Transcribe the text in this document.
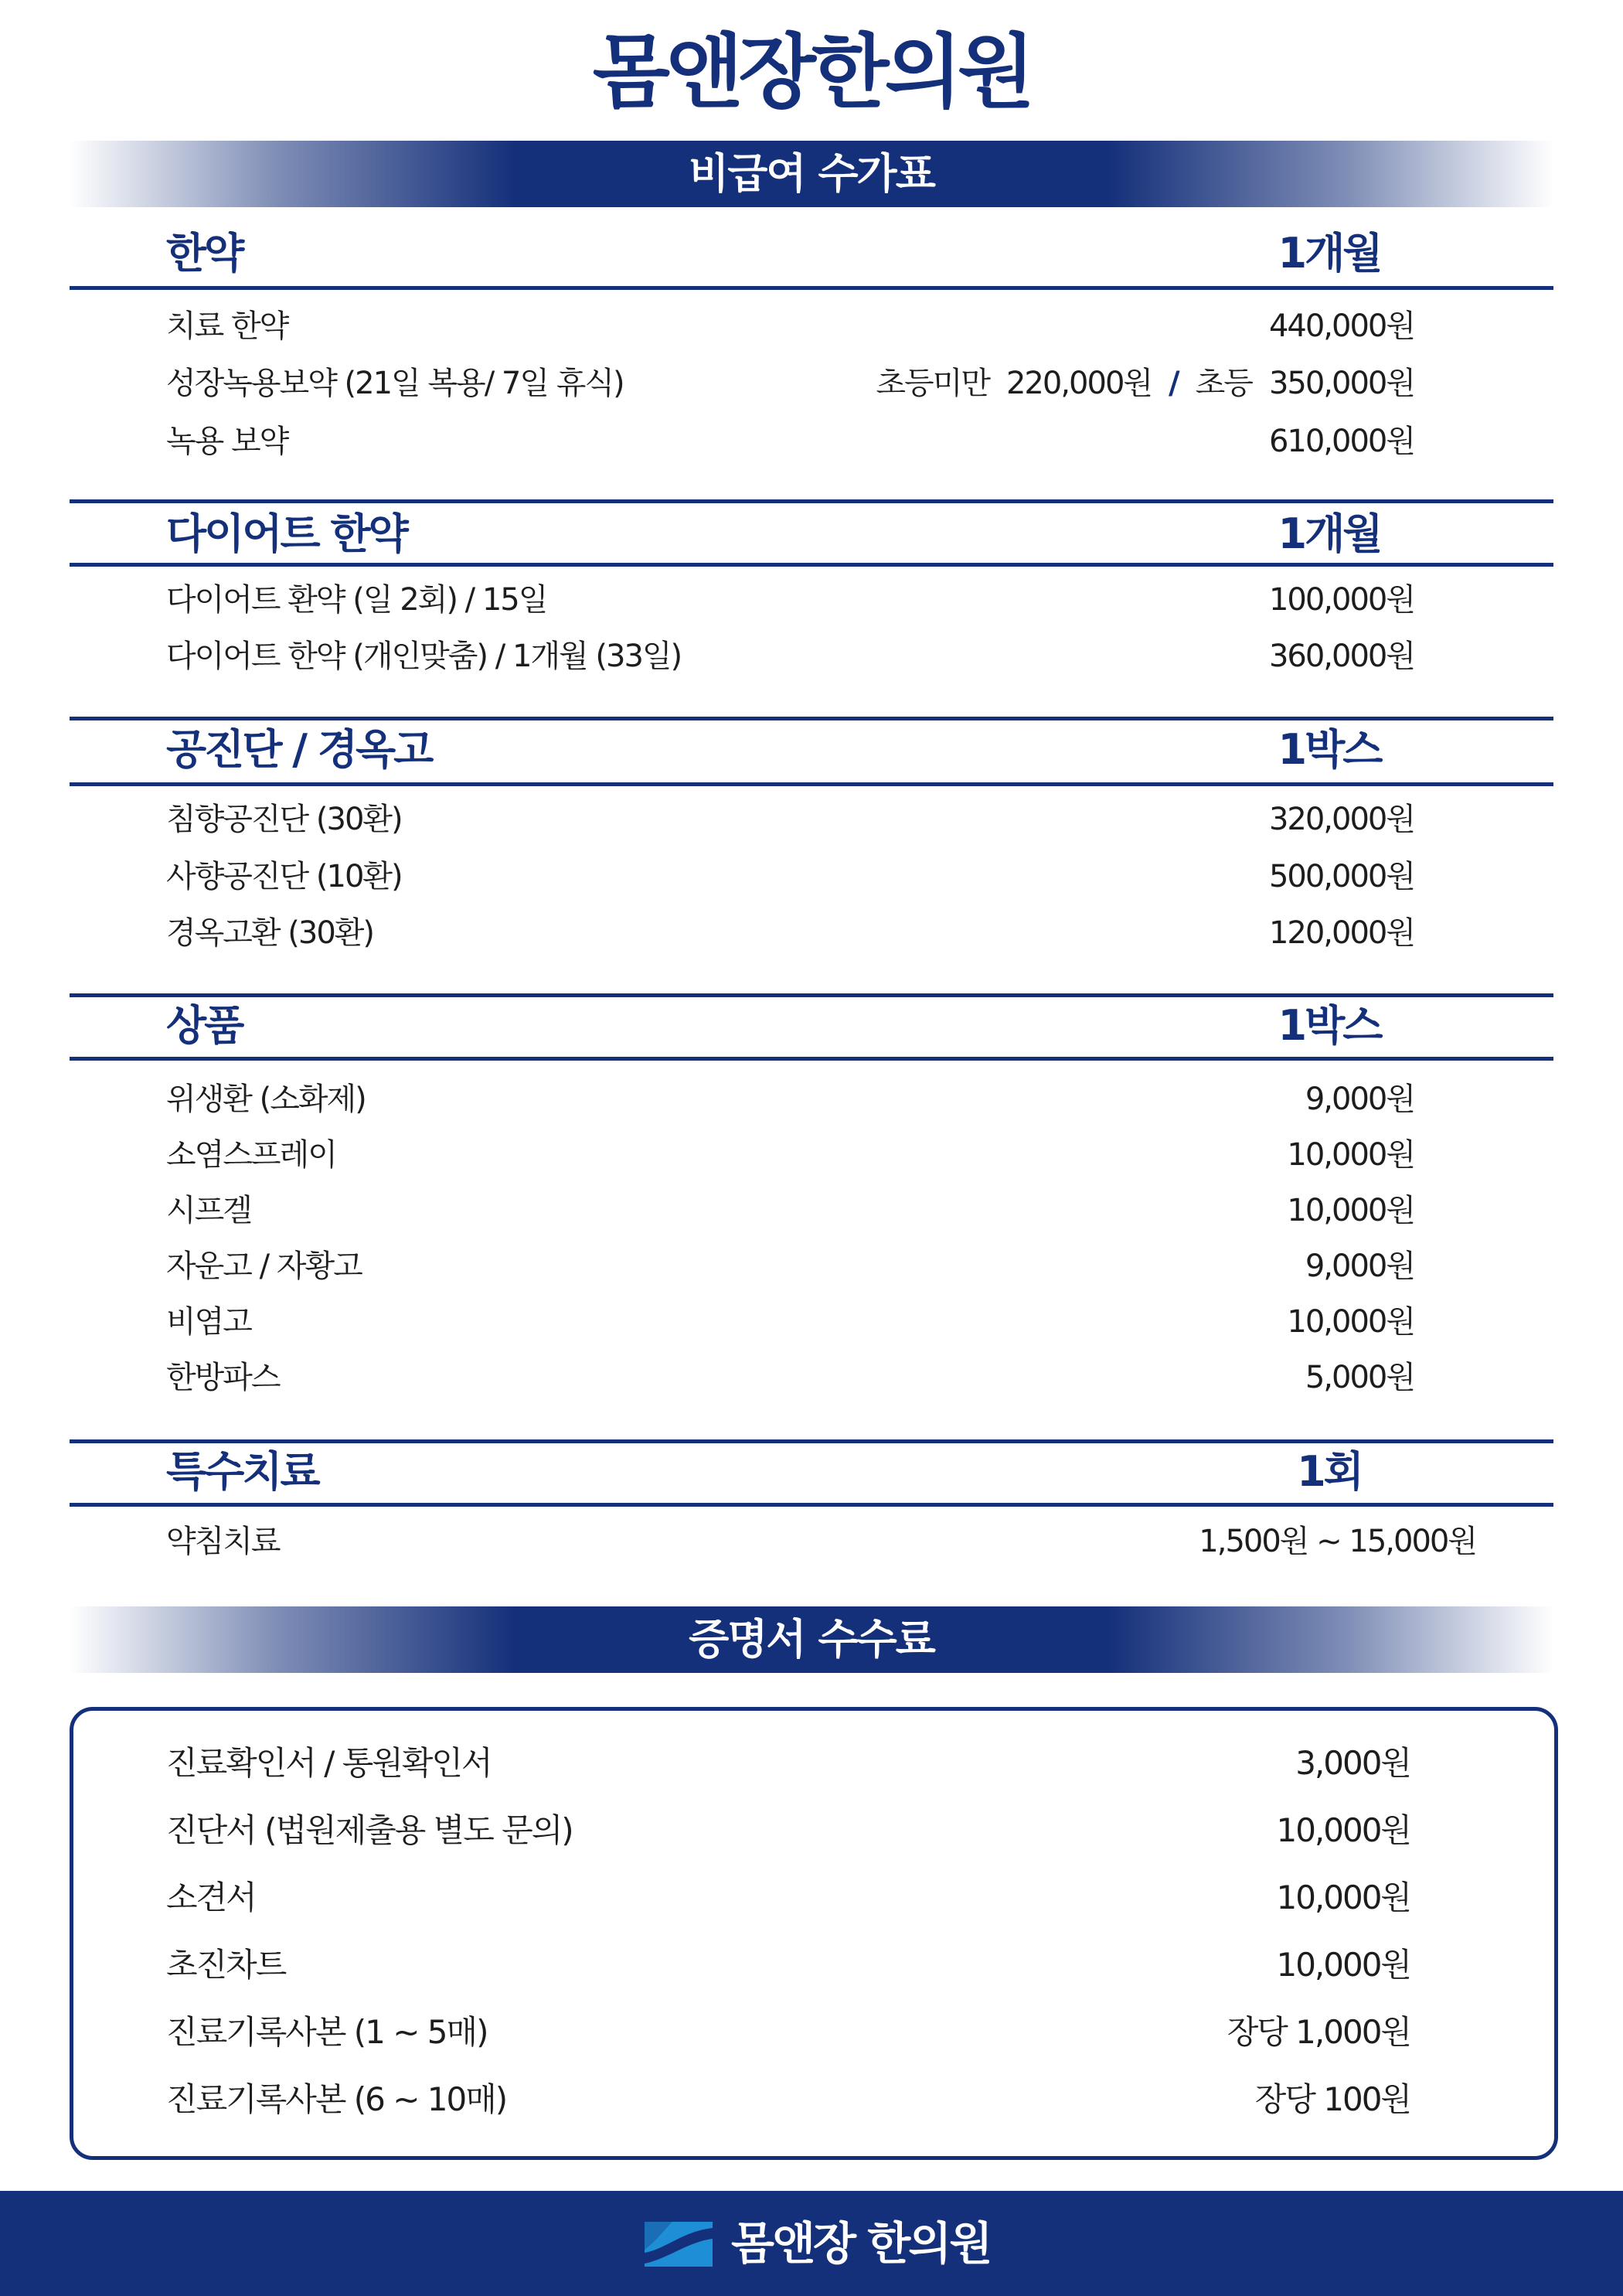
몸앤장한의원
비급여 수가표
한약	1개월
치료 한약	440,000원
성장녹용보약 (21일 복용/ 7일 휴식)	초등미만 220,000원 / 초등 350,000원
녹용 보약	610,000원
다이어트 한약	1개월
다이어트 환약 (일 2회) / 15일	100,000원
다이어트 한약 (개인맞춤) / 1개월 (33일)	360,000원
공진단 / 경옥고	1박스
침향공진단 (30환)	320,000원
사향공진단 (10환)	500,000원
경옥고환 (30환)	120,000원
상품	1박스
위생환 (소화제)	9,000원
소염스프레이	10,000원
시프겔	10,000원
자운고 / 자황고	9,000원
비염고	10,000원
한방파스	5,000원
특수치료	1회
약침치료	1,500원 ~ 15,000원
증명서 수수료
진료확인서 / 통원확인서	3,000원
진단서 (법원제출용 별도 문의)	10,000원
소견서	10,000원
초진차트	10,000원
진료기록사본 (1 ~ 5매)	장당 1,000원
진료기록사본 (6 ~ 10매)	장당 100원
몸앤장 한의원
